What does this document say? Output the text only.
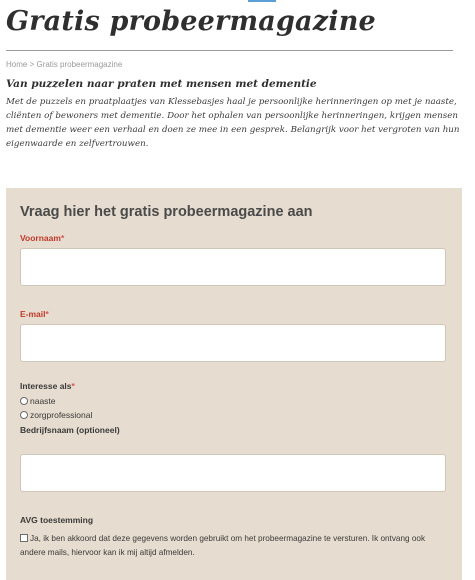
Gratis probeermagazine
Home > Gratis probeermagazine
Van puzzelen naar praten met mensen met dementie

Met de puzzels en praatplaatjes van Klessebasjes haal je persoonlijke herinneringen op met je naaste, cliënten of bewoners met dementie. Door het ophalen van persoonlijke herinneringen, krijgen mensen met dementie weer een verhaal en doen ze mee in een gesprek. Belangrijk voor het vergroten van hun eigenwaarde en zelfvertrouwen.

Vraag hier het gratis probeermagazine aan
Voornaam*
E-mail*
Interesse als*
naaste
zorgprofessional
Bedrijfsnaam (optioneel)
AVG toestemming
Ja, ik ben akkoord dat deze gegevens worden gebruikt om het probeermagazine te versturen. Ik ontvang ook andere mails, hiervoor kan ik mij altijd afmelden.
